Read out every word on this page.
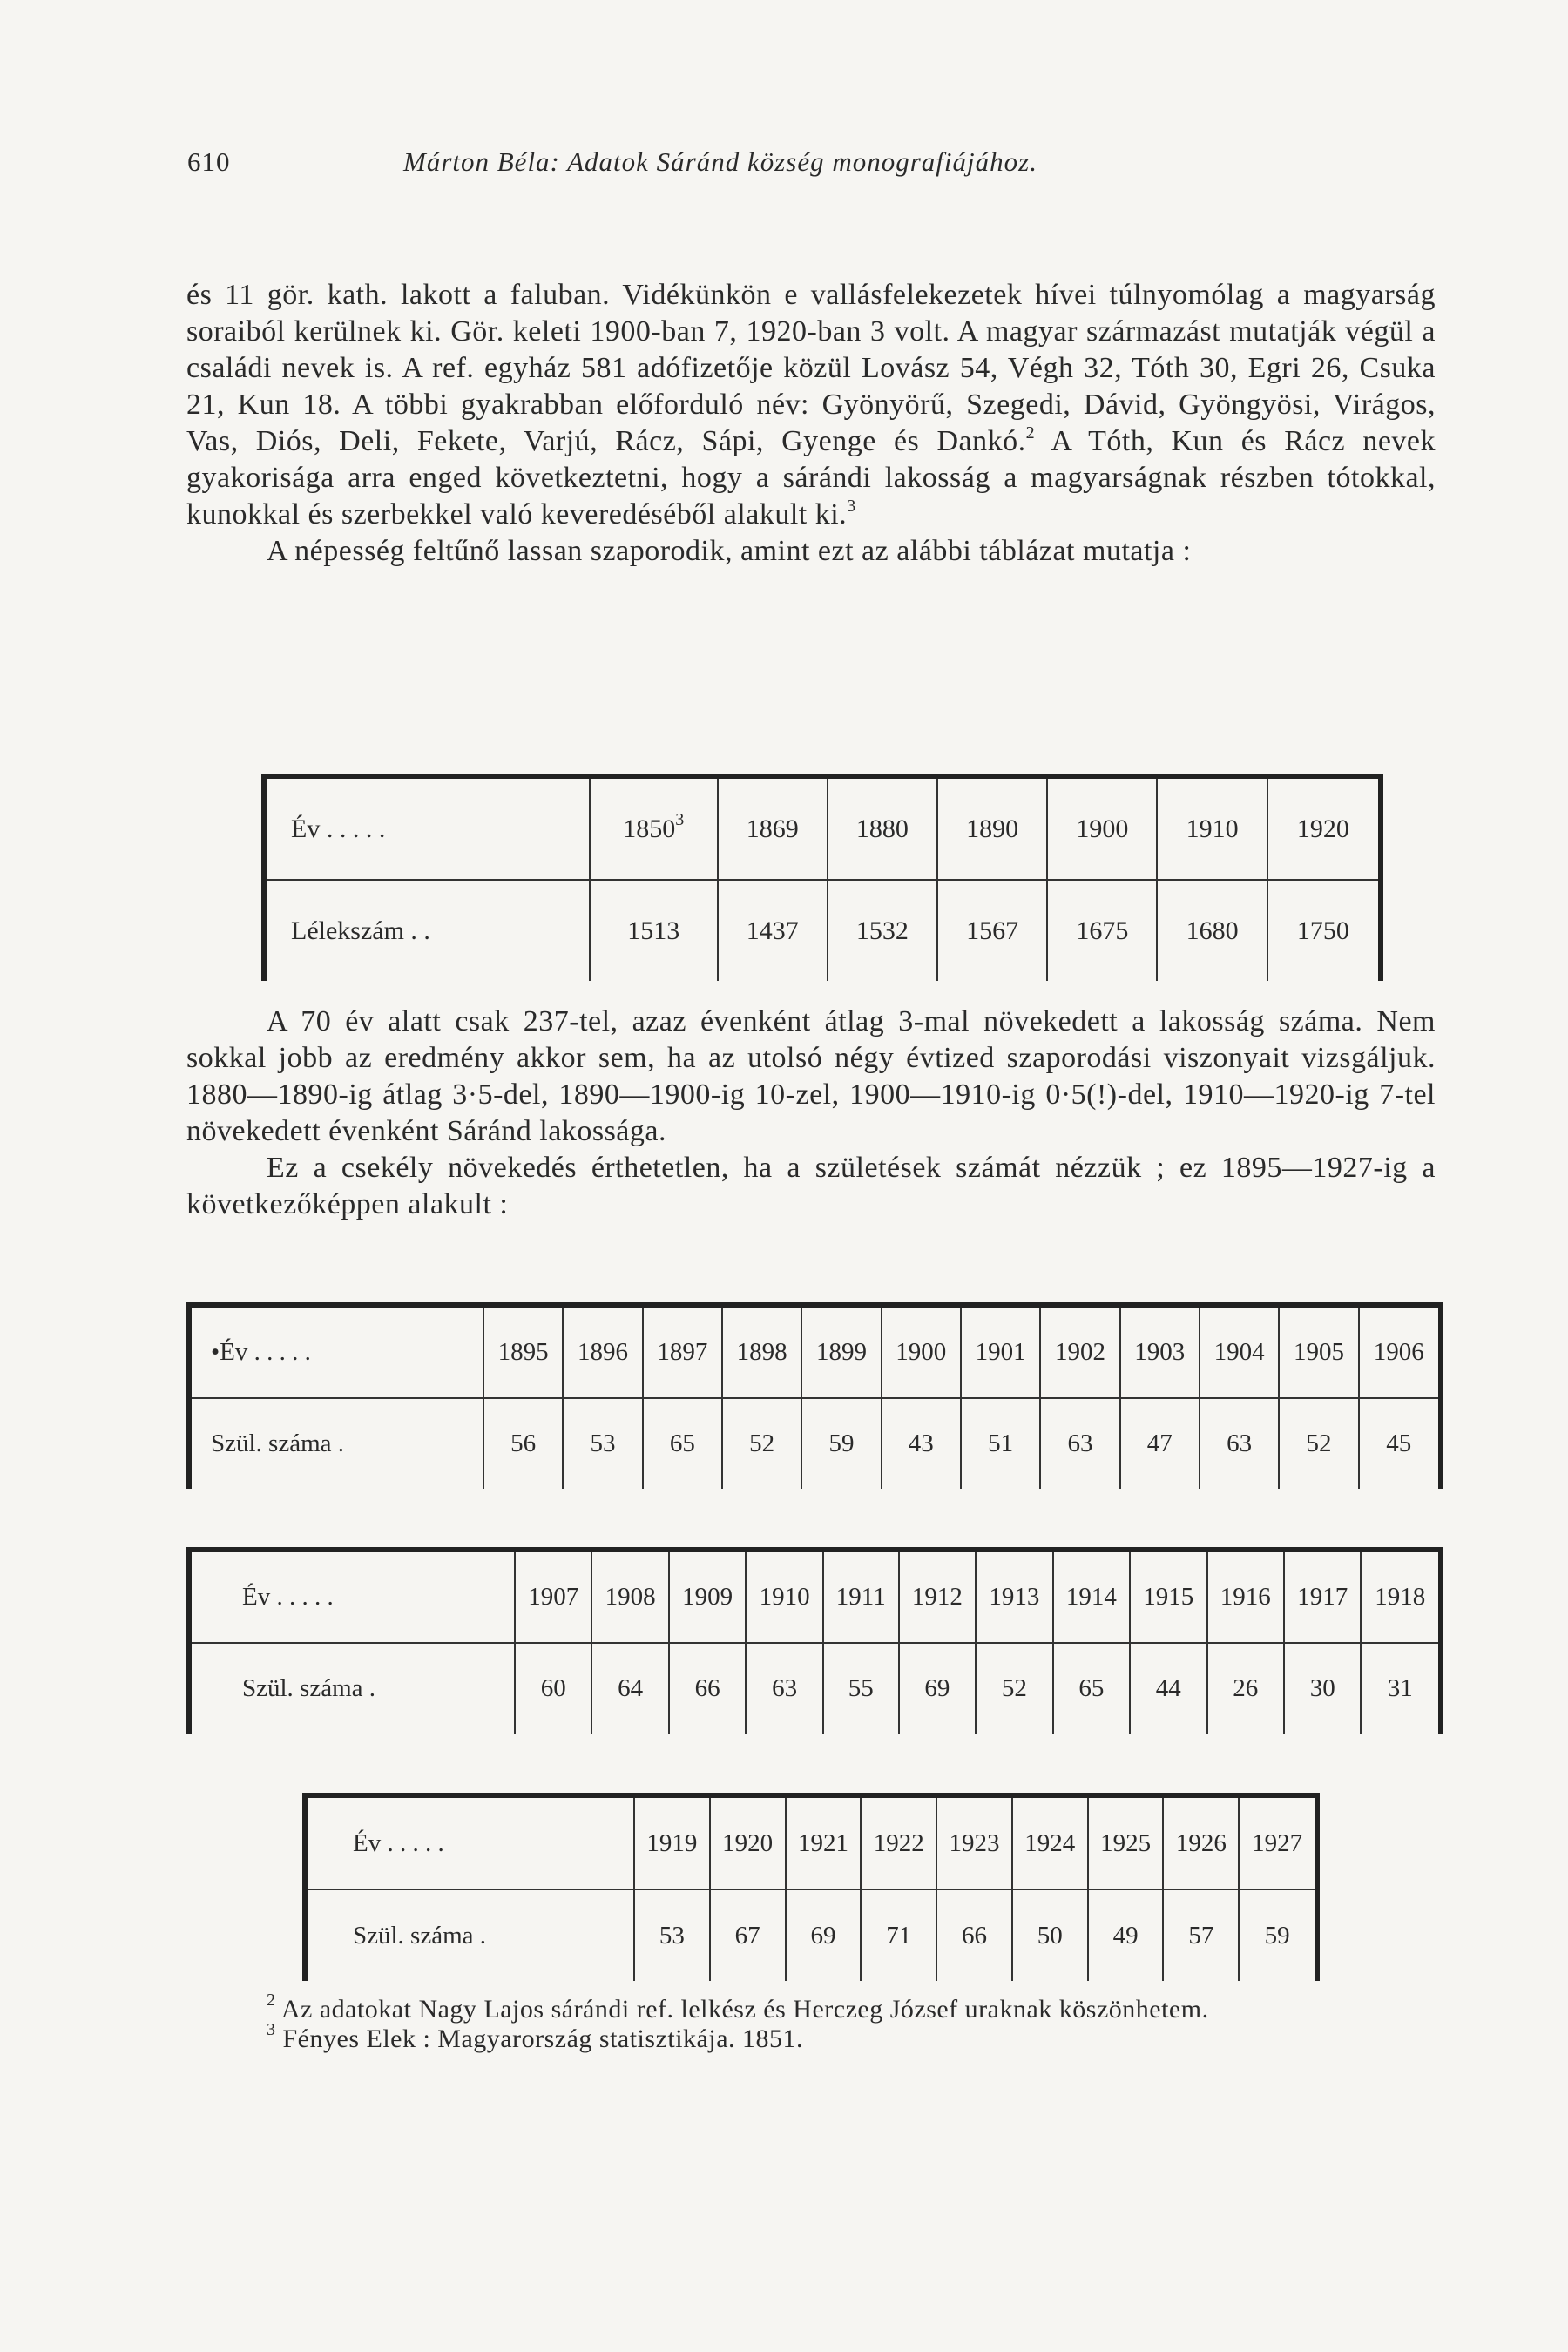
610	Márton Béla: Adatok Sáránd község monografiájához.

és 11 gör. kath. lakott a faluban. Vidékünkön e vallásfelekezetek hívei túlnyomólag a magyarság soraiból kerülnek ki. Gör. keleti 1900-ban 7, 1920-ban 3 volt. A magyar származást mutatják végül a családi nevek is. A ref. egyház 581 adófizetője közül Lovász 54, Végh 32, Tóth 30, Egri 26, Csuka 21, Kun 18. A többi gyakrabban előforduló név: Gyönyörű, Szegedi, Dávid, Gyöngyösi, Virágos, Vas, Diós, Deli, Fekete, Varjú, Rácz, Sápi, Gyenge és Dankó.$^2$ A Tóth, Kun és Rácz nevek gyakorisága arra enged következtetni, hogy a sárándi lakosság a magyarságnak részben tótokkal, kunokkal és szerbekkel való keveredéséből alakult ki.$^3$

A népesség feltűnő lassan szaporodik, amint ezt az alábbi táblázat mutatja :

Év . . . . .	1850$^3$	1869	1880	1890	1900	1910	1920
Lélekszám . .	1513	1437	1532	1567	1675	1680	1750

A 70 év alatt csak 237-tel, azaz évenként átlag 3-mal növekedett a lakosság száma. Nem sokkal jobb az eredmény akkor sem, ha az utolsó négy évtized szaporodási viszonyait vizsgáljuk. 1880—1890-ig átlag 3·5-del, 1890—1900-ig 10-zel, 1900—1910-ig 0·5(!)-del, 1910—1920-ig 7-tel növekedett évenként Sáránd lakossága.

Ez a csekély növekedés érthetetlen, ha a születések számát nézzük ; ez 1895—1927-ig a következőképpen alakult :

•Év . . . . .	1895	1896	1897	1898	1899	1900	1901	1902	1903	1904	1905	1906
Szül. száma .	56	53	65	52	59	43	51	63	47	63	52	45
Év . . . . .	1907	1908	1909	1910	1911	1912	1913	1914	1915	1916	1917	1918
Szül. száma .	60	64	66	63	55	69	52	65	44	26	30	31
Év . . . . .	1919	1920	1921	1922	1923	1924	1925	1926	1927
Szül. száma .	53	67	69	71	66	50	49	57	59

$^2$ Az adatokat Nagy Lajos sárándi ref. lelkész és Herczeg József uraknak köszönhetem.

$^3$ Fényes Elek : Magyarország statisztikája. 1851.
